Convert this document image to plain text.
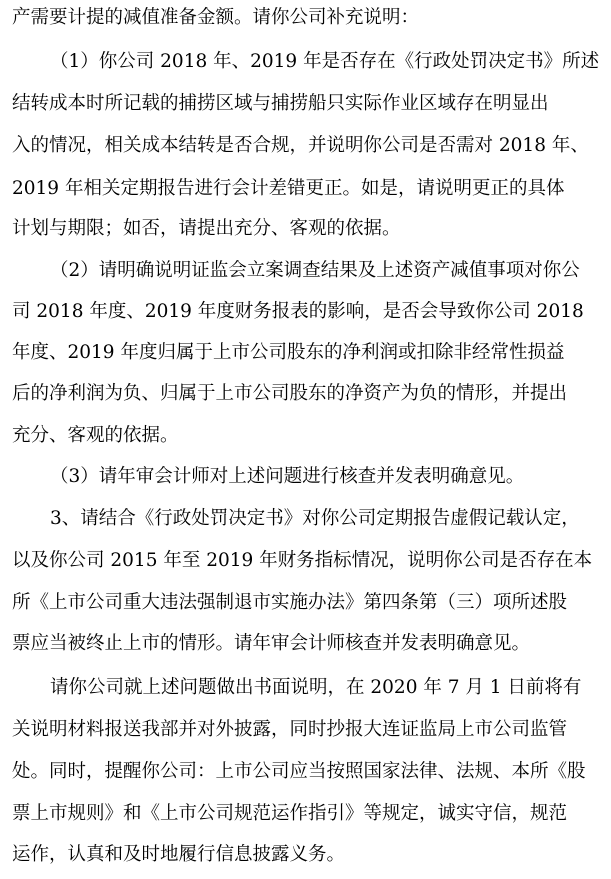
产需要计提的减值准备金额。请你公司补充说明：
（1）你公司 2018 年、2019 年是否存在《行政处罚决定书》所述
结转成本时所记载的捕捞区域与捕捞船只实际作业区域存在明显出
入的情况，相关成本结转是否合规，并说明你公司是否需对 2018 年、
2019 年相关定期报告进行会计差错更正。如是，请说明更正的具体
计划与期限；如否，请提出充分、客观的依据。
（2）请明确说明证监会立案调查结果及上述资产减值事项对你公
司 2018 年度、2019 年度财务报表的影响，是否会导致你公司 2018
年度、2019 年度归属于上市公司股东的净利润或扣除非经常性损益
后的净利润为负、归属于上市公司股东的净资产为负的情形，并提出
充分、客观的依据。
（3）请年审会计师对上述问题进行核查并发表明确意见。
3、请结合《行政处罚决定书》对你公司定期报告虚假记载认定，
以及你公司 2015 年至 2019 年财务指标情况，说明你公司是否存在本
所《上市公司重大违法强制退市实施办法》第四条第（三）项所述股
票应当被终止上市的情形。请年审会计师核查并发表明确意见。
请你公司就上述问题做出书面说明，在 2020 年 7 月 1 日前将有
关说明材料报送我部并对外披露，同时抄报大连证监局上市公司监管
处。同时，提醒你公司：上市公司应当按照国家法律、法规、本所《股
票上市规则》和《上市公司规范运作指引》等规定，诚实守信，规范
运作，认真和及时地履行信息披露义务。
